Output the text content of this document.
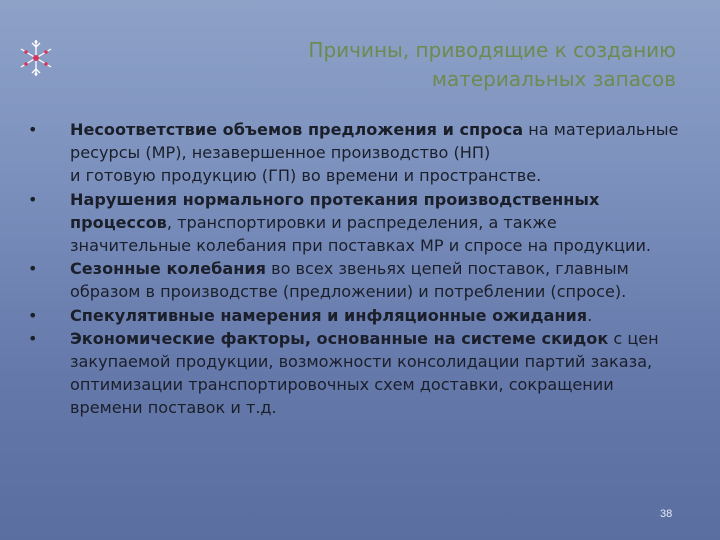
Причины, приводящие к созданию
материальных запасов
•	Несоответствие объемов предложения и спроса на материальные
ресурсы (МР), незавершенное производство (НП)
и готовую продукцию (ГП) во времени и пространстве.
•	Нарушения нормального протекания производственных
процессов, транспортировки и распределения, а также
значительные колебания при поставках МР и спросе на продукции.
•	Сезонные колебания во всех звеньях цепей поставок, главным
образом в производстве (предложении) и потреблении (спросе).
•	Спекулятивные намерения и инфляционные ожидания.
•	Экономические факторы, основанные на системе скидок с цен
закупаемой продукции, возможности консолидации партий заказа,
оптимизации транспортировочных схем доставки, сокращении
времени поставок и т.д.
38
